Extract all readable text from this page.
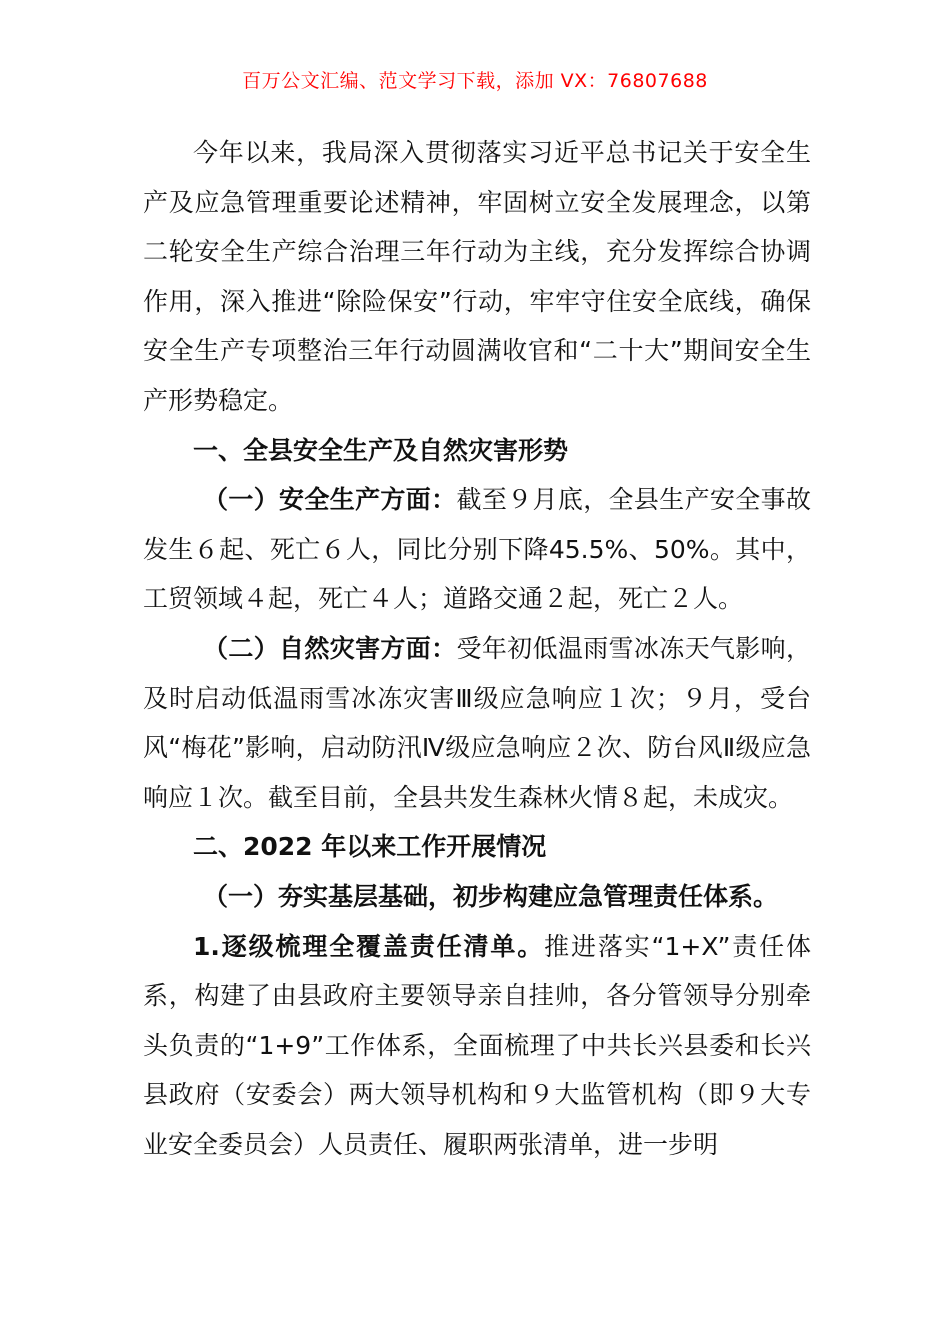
百万公文汇编、范文学习下载，添加 VX：76807688

今年以来，我局深入贯彻落实习近平总书记关于安全生产及应急管理重要论述精神，牢固树立安全发展理念，以第二轮安全生产综合治理三年行动为主线，充分发挥综合协调作用，深入推进“除险保安”行动，牢牢守住安全底线，确保安全生产专项整治三年行动圆满收官和“二十大”期间安全生产形势稳定。

一、全县安全生产及自然灾害形势

（一）安全生产方面：截至９月底，全县生产安全事故发生６起、死亡６人，同比分别下降45.5%、50%。其中，工贸领域４起，死亡４人；道路交通２起，死亡２人。

（二）自然灾害方面：受年初低温雨雪冰冻天气影响，及时启动低温雨雪冰冻灾害Ⅲ级应急响应１次；９月，受台风“梅花”影响，启动防汛Ⅳ级应急响应２次、防台风Ⅱ级应急响应１次。截至目前，全县共发生森林火情８起，未成灾。

二、2022 年以来工作开展情况

（一）夯实基层基础，初步构建应急管理责任体系。

1.逐级梳理全覆盖责任清单。推进落实“1+X”责任体系，构建了由县政府主要领导亲自挂帅，各分管领导分别牵头负责的“1+9”工作体系，全面梳理了中共长兴县委和长兴县政府（安委会）两大领导机构和９大监管机构（即９大专业安全委员会）人员责任、履职两张清单，进一步明
